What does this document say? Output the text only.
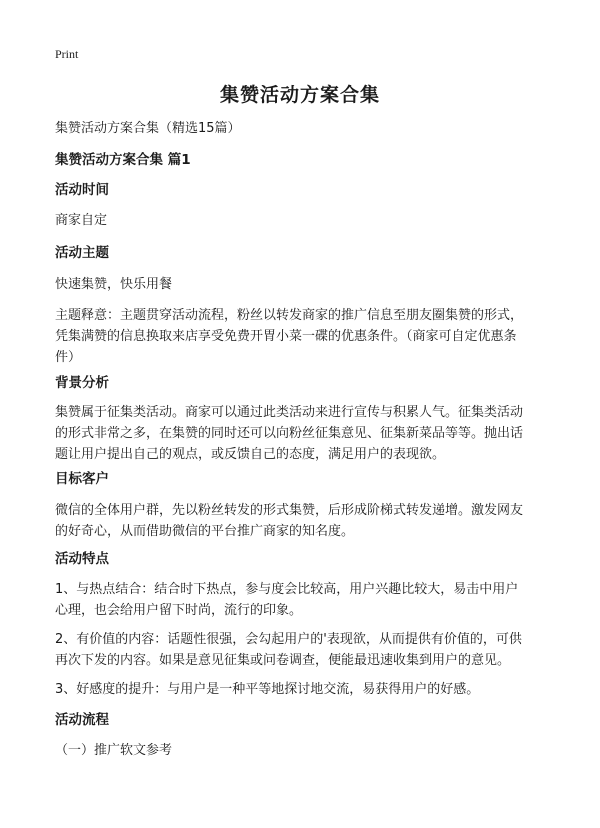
Print
集赞活动方案合集
集赞活动方案合集（精选15篇）
集赞活动方案合集 篇1
活动时间
商家自定
活动主题
快速集赞，快乐用餐
主题释意：主题贯穿活动流程，粉丝以转发商家的推广信息至朋友圈集赞的形式，
凭集满赞的信息换取来店享受免费开胃小菜一碟的优惠条件。（商家可自定优惠条
件）
背景分析
集赞属于征集类活动。商家可以通过此类活动来进行宣传与积累人气。征集类活动
的形式非常之多，在集赞的同时还可以向粉丝征集意见、征集新菜品等等。抛出话
题让用户提出自己的观点，或反馈自己的态度，满足用户的表现欲。
目标客户
微信的全体用户群，先以粉丝转发的形式集赞，后形成阶梯式转发递增。激发网友
的好奇心，从而借助微信的平台推广商家的知名度。
活动特点
1、与热点结合：结合时下热点，参与度会比较高，用户兴趣比较大，易击中用户
心理，也会给用户留下时尚，流行的印象。
2、有价值的内容：话题性很强，会勾起用户的'表现欲，从而提供有价值的，可供
再次下发的内容。如果是意见征集或问卷调查，便能最迅速收集到用户的意见。
3、好感度的提升：与用户是一种平等地探讨地交流，易获得用户的好感。
活动流程
（一）推广软文参考
